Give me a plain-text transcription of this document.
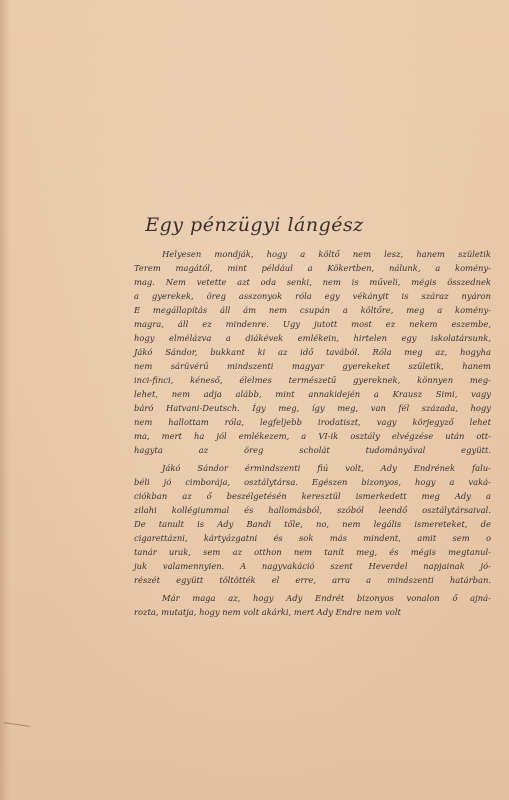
Egy pénzügyi lángész
Helyesen mondják, hogy a költő nem lesz, hanem születik
Terem magától, mint például a Kökertben, nálunk, a komény-
mag. Nem vetette azt oda senki, nem is művelі, mégis összednek
a gyerekek, öreg asszonyok róla egy vékányit is száraz nyáron
E megállapítás áll ám nem csupán a költőre, meg a komény-
magra, áll ez mindenre. Ugy jutott most ez nekem eszembe,
hogy elmélázva a diákévek emlékein, hirtelen egy iskolatársunk,
Jákó Sándor, bukkant ki az idő tavából. Róla meg az, hogyha
nem sárüvérű mindszenti magyar gyerekeket születik, hanem
inci-finci, kéneső, élelmes természetű gyereknek, könnyen meg-
lehet, nem adja alább, mint annakidején a Krausz Simi, vagy
báró Hatvani-Deutsch. Így meg, így meg, van fél százada, hogy
nem hallottam róla, legfeljebb irodatiszt, vagy körjegyző lehet
ma, mert ha jól emlékezem, a VI-ik osztály elvégzése után ott-
hagyta az öreg scholát tudományával együtt.
Jákó Sándor érmindszenti fiú volt, Ady Endrének falu-
béli jó cimborája, osztálytársa. Egészen bizonyos, hogy a vaká-
ciókban az ő beszélgetésén keresztül ismerkedett meg Ady a
zilahi kollégiummal és hallomásból, szóból leendő osztálytársaival.
De tanult is Ady Bandi tőle, no, nem legális ismereteket, de
cigarettázni, kártyázgatni és sok más mindent, amit sem o
tanár urak, sem az otthon nem tanít meg, és mégis megtanul-
juk valamennyien. A nagyvakáció szent Heverdel napjainak jó-
részét együtt töltötték el erre, arra a mindszenti határban.
Már maga az, hogy Ady Endrét bizonyos vonalon ő ajná-
rozta, mutatja, hogy nem volt akárki, mert Ady Endre nem volt
